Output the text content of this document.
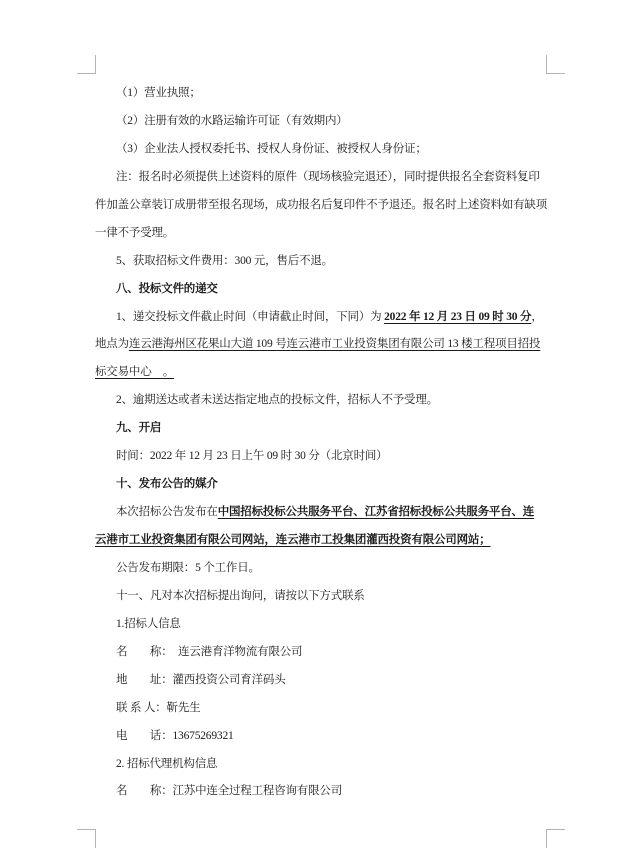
（1）营业执照；
（2）注册有效的水路运输许可证（有效期内）
（3）企业法人授权委托书、授权人身份证、被授权人身份证；
注：报名时必须提供上述资料的原件（现场核验完退还），同时提供报名全套资料复印
件加盖公章装订成册带至报名现场，成功报名后复印件不予退还。报名时上述资料如有缺项
一律不予受理。
5、获取招标文件费用：300 元，售后不退。
八、投标文件的递交
1、递交投标文件截止时间（申请截止时间，下同）为 2022 年 12 月 23 日 09 时 30 分，
地点为连云港海州区花果山大道 109 号连云港市工业投资集团有限公司 13 楼工程项目招投
标交易中心　。
2、逾期送达或者未送达指定地点的投标文件，招标人不予受理。
九、开启
时间：2022 年 12 月 23 日上午 09 时 30 分（北京时间）
十、发布公告的媒介
本次招标公告发布在中国招标投标公共服务平台、江苏省招标投标公共服务平台、连
云港市工业投资集团有限公司网站，连云港市工投集团灌西投资有限公司网站；
公告发布期限：5 个工作日。
十一、凡对本次招标提出询问，请按以下方式联系
1.招标人信息
名　　称：　连云港育洋物流有限公司
地　　址：灌西投资公司育洋码头
联 系 人：靳先生
电　　话：13675269321
2. 招标代理机构信息
名　　称：江苏中连全过程工程咨询有限公司
